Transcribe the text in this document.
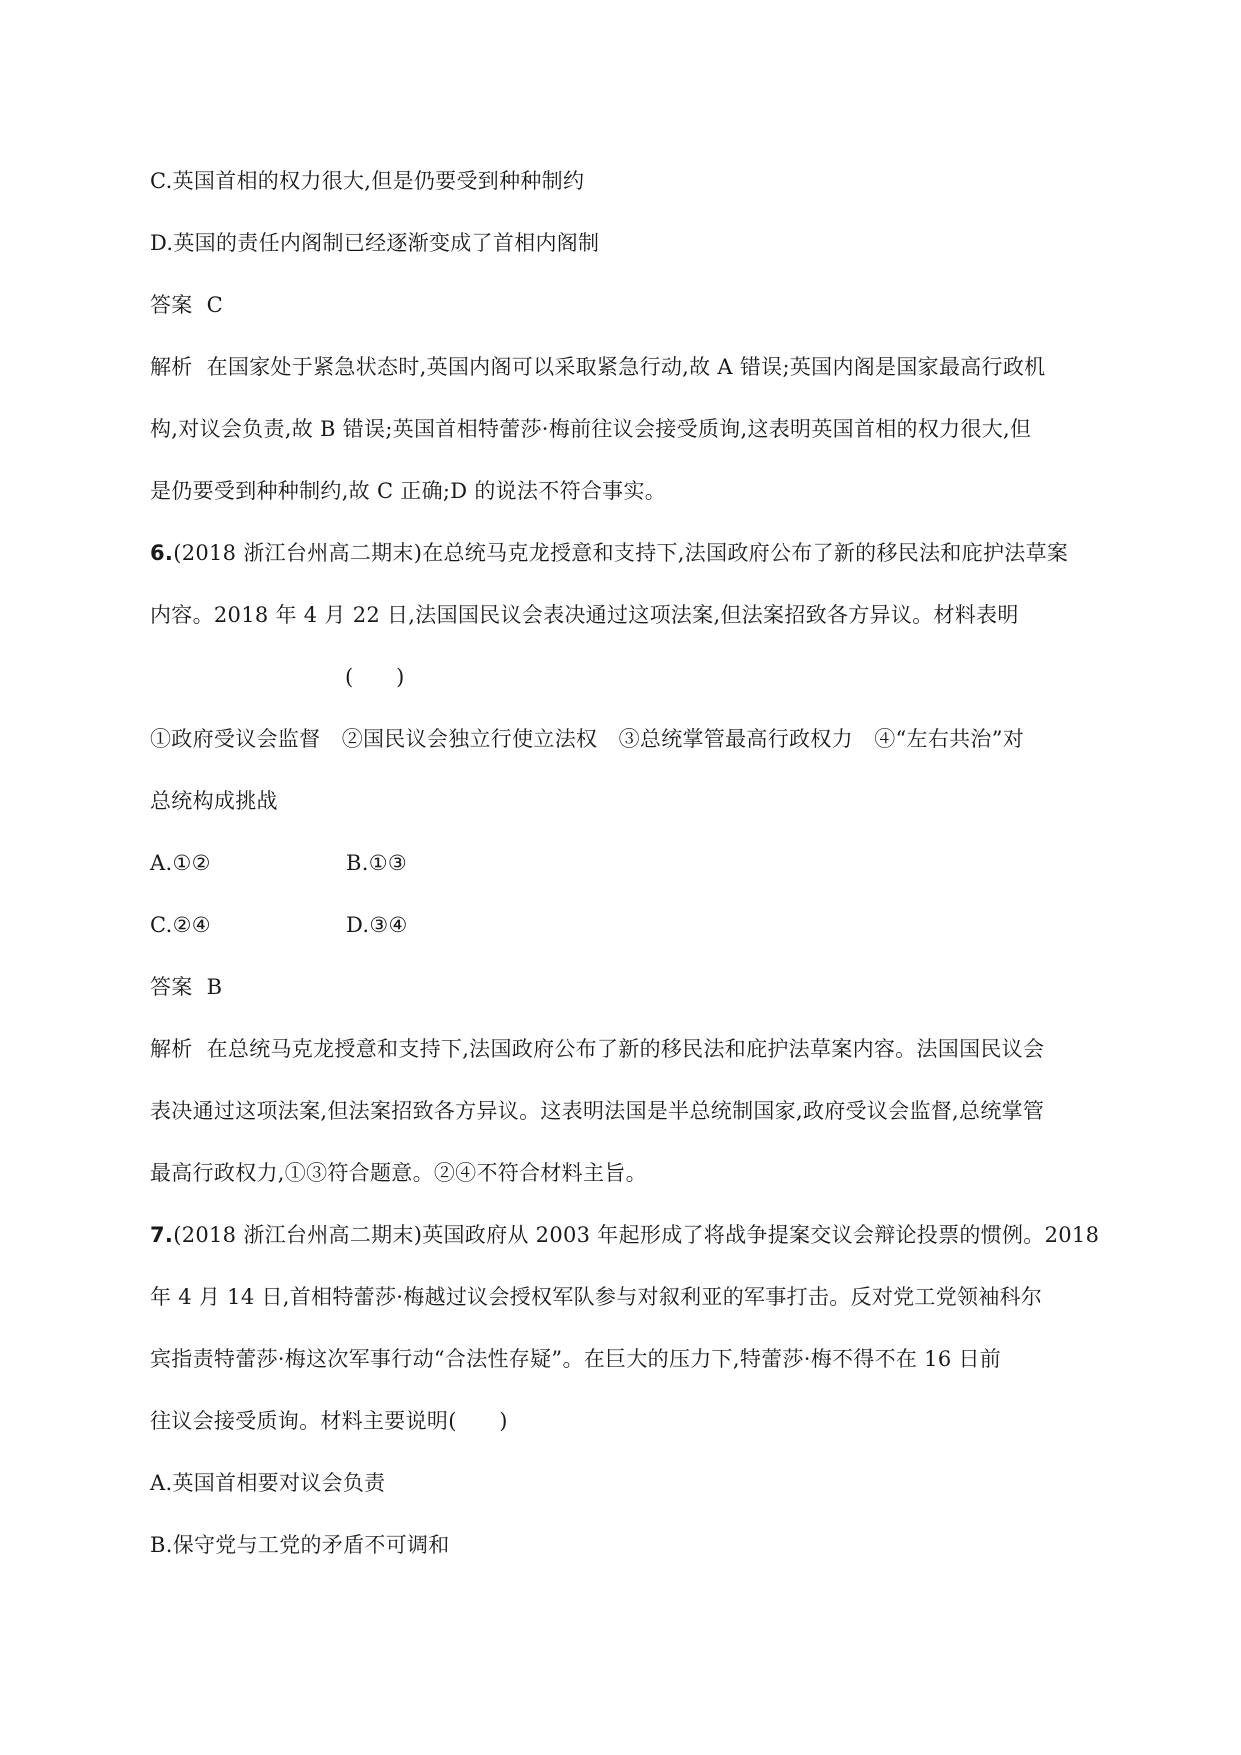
C.英国首相的权力很大,但是仍要受到种种制约
D.英国的责任内阁制已经逐渐变成了首相内阁制
答案 C
解析 在国家处于紧急状态时,英国内阁可以采取紧急行动,故 A 错误;英国内阁是国家最高行政机
构,对议会负责,故 B 错误;英国首相特蕾莎·梅前往议会接受质询,这表明英国首相的权力很大,但
是仍要受到种种制约,故 C 正确;D 的说法不符合事实。
6.(2018 浙江台州高二期末)在总统马克龙授意和支持下,法国政府公布了新的移民法和庇护法草案
内容。2018 年 4 月 22 日,法国国民议会表决通过这项法案,但法案招致各方异议。材料表明
(　　)
①政府受议会监督　②国民议会独立行使立法权　③总统掌管最高行政权力　④“左右共治”对
总统构成挑战
A.①②	B.①③
C.②④	D.③④
答案 B
解析 在总统马克龙授意和支持下,法国政府公布了新的移民法和庇护法草案内容。法国国民议会
表决通过这项法案,但法案招致各方异议。这表明法国是半总统制国家,政府受议会监督,总统掌管
最高行政权力,①③符合题意。②④不符合材料主旨。
7.(2018 浙江台州高二期末)英国政府从 2003 年起形成了将战争提案交议会辩论投票的惯例。2018
年 4 月 14 日,首相特蕾莎·梅越过议会授权军队参与对叙利亚的军事打击。反对党工党领袖科尔
宾指责特蕾莎·梅这次军事行动“合法性存疑”。在巨大的压力下,特蕾莎·梅不得不在 16 日前
往议会接受质询。材料主要说明(　　)
A.英国首相要对议会负责
B.保守党与工党的矛盾不可调和
